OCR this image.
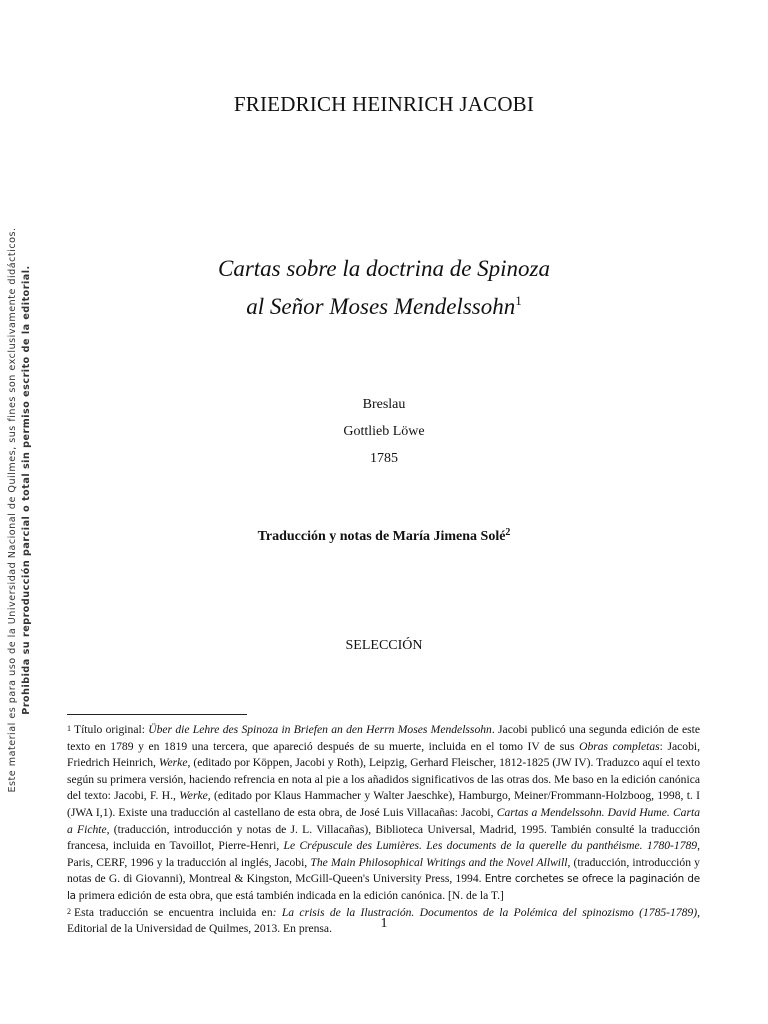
Este material es para uso de la Universidad Nacional de Quilmes, sus fines son exclusivamente didácticos. Prohibida su reproducción parcial o total sin permiso escrito de la editorial.
FRIEDRICH HEINRICH JACOBI
Cartas sobre la doctrina de Spinoza
al Señor Moses Mendelssohn$^1$
Breslau
Gottlieb Löwe
1785
Traducción y notas de María Jimena Solé$^2$
SELECCIÓN

$^1$ Título original: Über die Lehre des Spinoza in Briefen an den Herrn Moses Mendelssohn. Jacobi publicó una segunda edición de este texto en 1789 y en 1819 una tercera, que apareció después de su muerte, incluida en el tomo IV de sus Obras completas: Jacobi, Friedrich Heinrich, Werke, (editado por Köppen, Jacobi y Roth), Leipzig, Gerhard Fleischer, 1812-1825 (JW IV). Traduzco aquí el texto según su primera versión, haciendo refrencia en nota al pie a los añadidos significativos de las otras dos. Me baso en la edición canónica del texto: Jacobi, F. H., Werke, (editado por Klaus Hammacher y Walter Jaeschke), Hamburgo, Meiner/Frommann-Holzboog, 1998, t. I (JWA I,1). Existe una traducción al castellano de esta obra, de José Luis Villacañas: Jacobi, Cartas a Mendelssohn. David Hume. Carta a Fichte, (traducción, introducción y notas de J. L. Villacañas), Biblioteca Universal, Madrid, 1995. También consulté la traducción francesa, incluida en Tavoillot, Pierre-Henri, Le Crépuscule des Lumières. Les documents de la querelle du panthéisme. 1780-1789, Paris, CERF, 1996 y la traducción al inglés, Jacobi, The Main Philosophical Writings and the Novel Allwill, (traducción, introducción y notas de G. di Giovanni), Montreal & Kingston, McGill-Queen's University Press, 1994. Entre corchetes se ofrece la paginación de la primera edición de esta obra, que está también indicada en la edición canónica. [N. de la T.]

$^2$ Esta traducción se encuentra incluida en: La crisis de la Ilustración. Documentos de la Polémica del spinozismo (1785-1789), Editorial de la Universidad de Quilmes, 2013. En prensa.	1
